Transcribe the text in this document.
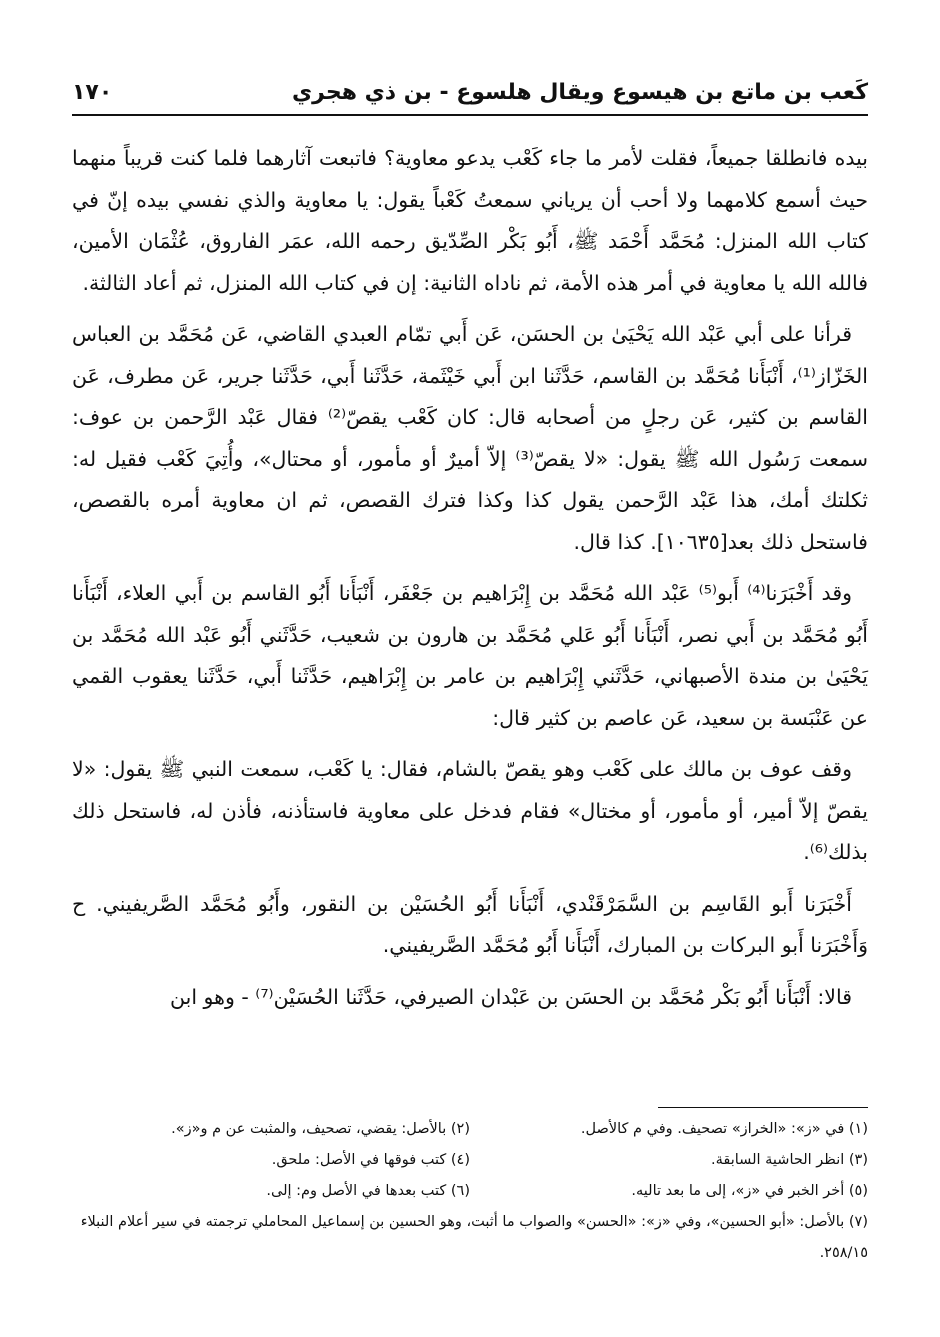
كَعب بن ماتع بن هيسوع ويقال هلسوع - بن ذي هجري
١٧٠

بيده فانطلقا جميعاً، فقلت لأمر ما جاء كَعْب يدعو معاوية؟ فاتبعت آثارهما فلما كنت قريباً منهما حيث أسمع كلامهما ولا أحب أن يرياني سمعتُ كَعْباً يقول: يا معاوية والذي نفسي بيده إنّ في كتاب الله المنزل: مُحَمَّد أَحْمَد ﷺ، أَبُو بَكْر الصِّدّيق رحمه الله، عمَر الفاروق، عُثْمَان الأمين، فالله الله يا معاوية في أمر هذه الأمة، ثم ناداه الثانية: إن في كتاب الله المنزل، ثم أعاد الثالثة.

قرأنا على أبي عَبْد الله يَحْيَىٰ بن الحسَن، عَن أَبي تمّام العبدي القاضي، عَن مُحَمَّد بن العباس الخَزّاز⁽¹⁾، أَنْبَأَنا مُحَمَّد بن القاسم، حَدَّثَنا ابن أَبي خَيْثَمة، حَدَّثَنا أَبي، حَدَّثَنا جرير، عَن مطرف، عَن القاسم بن كثير، عَن رجلٍ من أصحابه قال: كان كَعْب يقصّ⁽²⁾ فقال عَبْد الرَّحمن بن عوف: سمعت رَسُول الله ﷺ يقول: «لا يقصّ⁽³⁾ إلاّ أميرٌ أو مأمور، أو محتال»، وأُتِيَ كَعْب فقيل له: ثكلتك أمك، هذا عَبْد الرَّحمن يقول كذا وكذا فترك القصص، ثم ان معاوية أمره بالقصص، فاستحل ذلك بعد[١٠٦٣٥]. كذا قال.

وقد أَخْبَرَنا⁽⁴⁾ أَبو⁽⁵⁾ عَبْد الله مُحَمَّد بن إِبْرَاهيم بن جَعْفَر، أَنْبَأَنا أَبُو القاسم بن أَبي العلاء، أَنْبَأَنا أَبُو مُحَمَّد بن أَبي نصر، أَنْبَأَنا أَبُو عَلي مُحَمَّد بن هارون بن شعيب، حَدَّثَني أَبُو عَبْد الله مُحَمَّد بن يَحْيَىٰ بن مندة الأصبهاني، حَدَّثَني إِبْرَاهيم بن عامر بن إِبْرَاهيم، حَدَّثَنا أَبي، حَدَّثَنا يعقوب القمي عن عَنْبَسة بن سعيد، عَن عاصم بن كثير قال:

وقف عوف بن مالك على كَعْب وهو يقصّ بالشام، فقال: يا كَعْب، سمعت النبي ﷺ يقول: «لا يقصّ إلاّ أمير، أو مأمور، أو مختال» فقام فدخل على معاوية فاستأذنه، فأذن له، فاستحل ذلك بذلك⁽⁶⁾.

أَخْبَرَنا أَبو القَاسِم بن السَّمَرْقَنْدي، أَنْبَأَنا أَبُو الحُسَيْن بن النقور، وأَبُو مُحَمَّد الصَّريفيني. ح وَأَخْبَرَنا أَبو البركات بن المبارك، أَنْبَأَنا أَبُو مُحَمَّد الصَّريفيني.

قالا: أَنْبَأَنا أَبُو بَكْر مُحَمَّد بن الحسَن بن عَبْدان الصيرفي، حَدَّثَنا الحُسَيْن⁽⁷⁾ - وهو ابن

(١) في «ز»: «الخراز» تصحيف. وفي م كالأصل.
(٢) بالأصل: يقضي، تصحيف، والمثبت عن م و«ز».
(٣) انظر الحاشية السابقة.
(٤) كتب فوقها في الأصل: ملحق.
(٥) أخر الخبر في «ز»، إلى ما بعد تاليه.
(٦) كتب بعدها في الأصل وم: إلى.
(٧) بالأصل: «أبو الحسين»، وفي «ز»: «الحسن» والصواب ما أثبت، وهو الحسين بن إسماعيل المحاملي ترجمته في سير أعلام النبلاء ٢٥٨/١٥.
